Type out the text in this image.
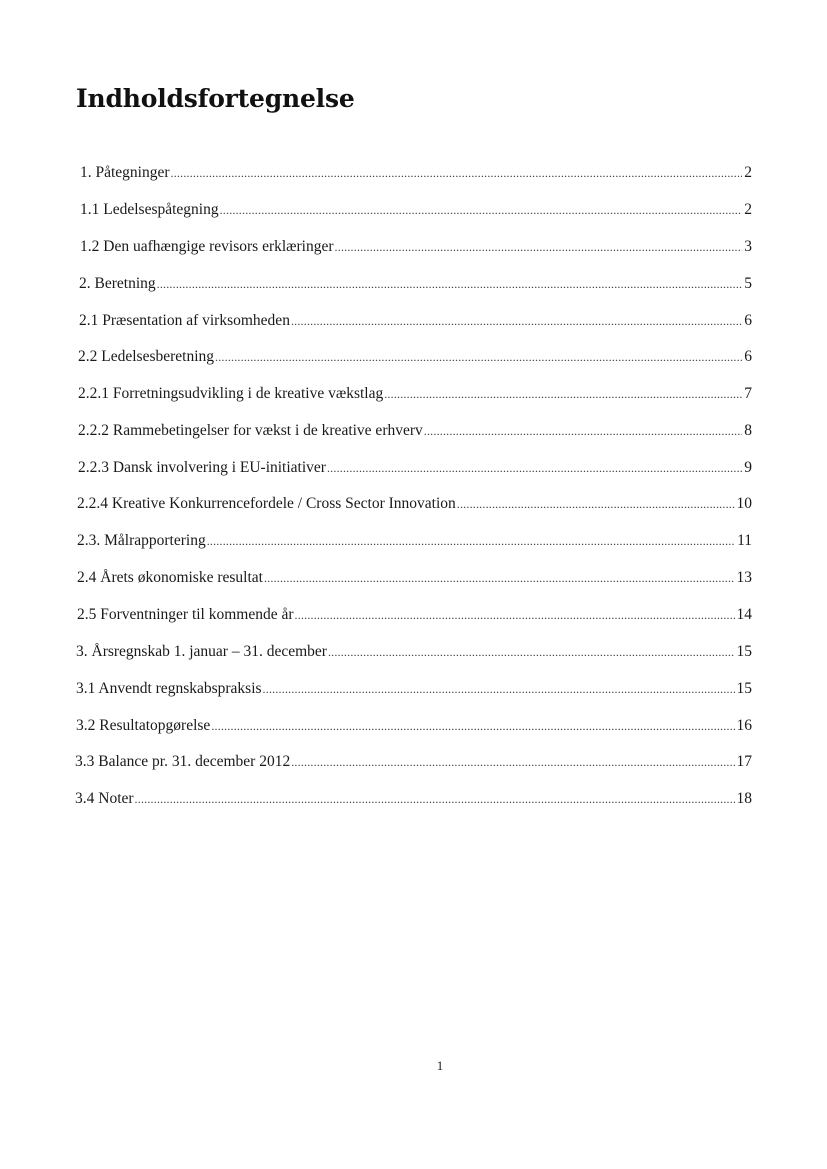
Indholdsfortegnelse
1. Påtegninger .....	2
1.1 Ledelsespåtegning .....	2
1.2 Den uafhængige revisors erklæringer .....	3
2. Beretning .....	5
2.1 Præsentation af virksomheden .....	6
2.2 Ledelsesberetning .....	6
2.2.1 Forretningsudvikling i de kreative vækstlag .....	7
2.2.2 Rammebetingelser for vækst i de kreative erhverv .....	8
2.2.3 Dansk involvering i EU-initiativer .....	9
2.2.4 Kreative Konkurrencefordele / Cross Sector Innovation .....	10
2.3. Målrapportering .....	11
2.4 Årets økonomiske resultat .....	13
2.5 Forventninger til kommende år .....	14
3. Årsregnskab 1. januar – 31. december .....	15
3.1 Anvendt regnskabspraksis .....	15
3.2 Resultatopgørelse .....	16
3.3 Balance pr. 31. december 2012 .....	17
3.4 Noter .....	18
1
